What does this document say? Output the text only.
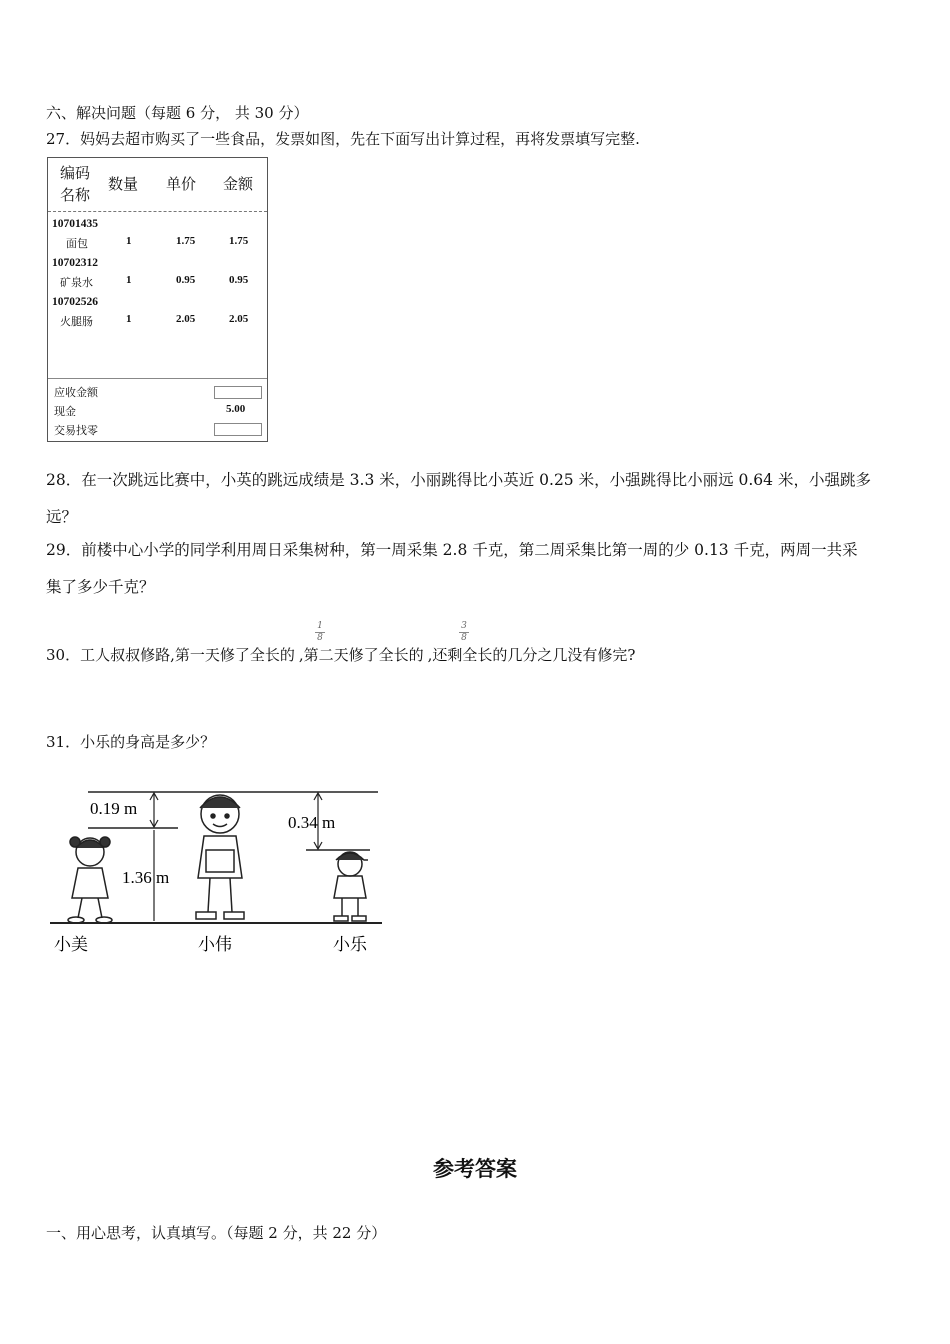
六、解决问题（每题 6 分， 共 30 分）
27．妈妈去超市购买了一些食品，发票如图，先在下面写出计算过程，再将发票填写完整.
编码
名称
数量 单价 金额
10701435
面包	1	1.75	1.75
10702312
矿泉水	1	0.95	0.95
10702526
火腿肠	1	2.05	2.05
应收金额
现金	5.00
交易找零
28．在一次跳远比赛中，小英的跳远成绩是 3.3 米，小丽跳得比小英近 0.25 米，小强跳得比小丽远 0.64 米，小强跳多
远？
29．前楼中心小学的同学利用周日采集树种，第一周采集 2.8 千克，第二周采集比第一周的少 0.13 千克，两周一共采
集了多少千克？
30．工人叔叔修路,第一天修了全长的 ,第二天修了全长的 ,还剩全长的几分之几没有修完?
$\frac{1}{8}$	$\frac{3}{8}$
31．小乐的身高是多少？
0.19 m
1.36 m
0.34 m
小美	小伟	小乐
参考答案
一、用心思考，认真填写。（每题 2 分，共 22 分）
